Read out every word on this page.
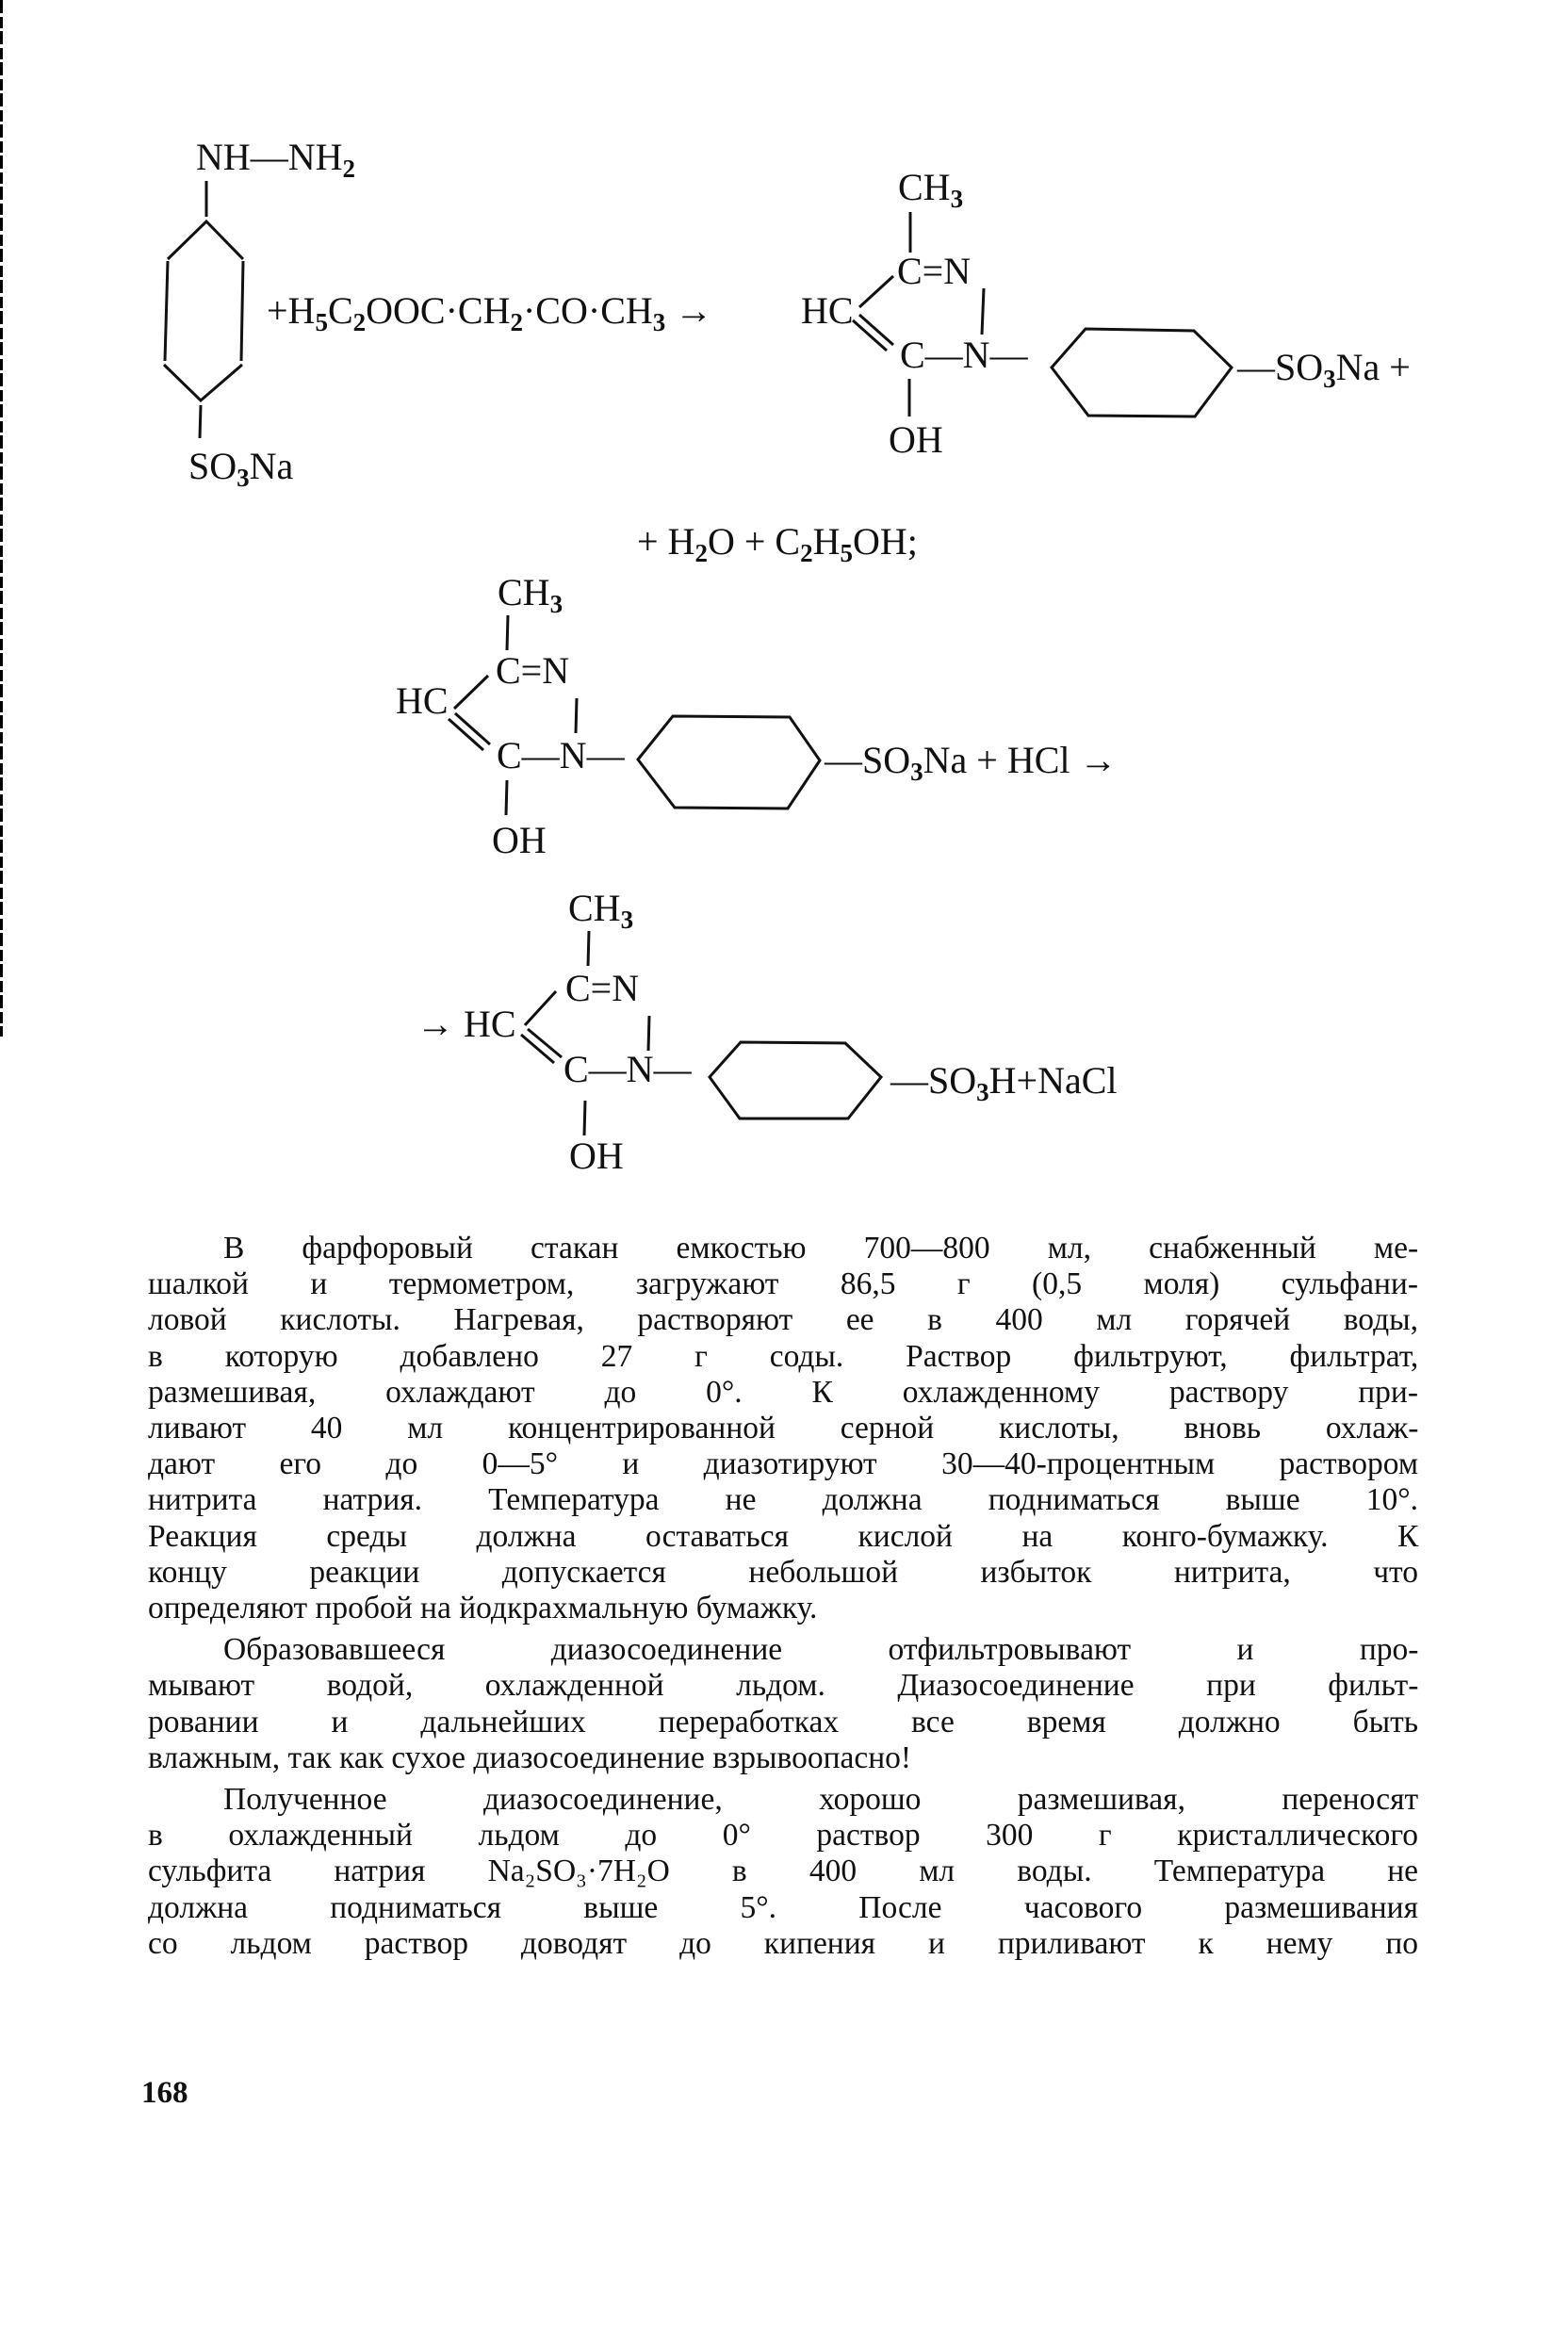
$NH—NH_2$
$SO_3Na$
$+H_5C_2OOC\cdot CH_2\cdot CO\cdot CH_3$ →
$CH_3$
C=N
HC
C—N—
OH
$—SO_3Na$ +
+ $H_2O + C_2H_5OH$;
$CH_3$
C=N
HC
C—N—
OH
$—SO_3Na$ + HCl →
$CH_3$
C=N
→ HC
C—N—
OH
$—SO_3H+NaCl$

В фарфоровый стакан емкостью 700—800 мл, снабженный ме-
шалкой и термометром, загружают 86,5 г (0,5 моля) сульфани-
ловой кислоты. Нагревая, растворяют ее в 400 мл горячей воды,
в которую добавлено 27 г соды. Раствор фильтруют, фильтрат,
размешивая, охлаждают до 0°. К охлажденному раствору при-
ливают 40 мл концентрированной серной кислоты, вновь охлаж-
дают его до 0—5° и диазотируют 30—40-процентным раствором
нитрита натрия. Температура не должна подниматься выше 10°.
Реакция среды должна оставаться кислой на конго-бумажку. К
концу реакции допускается небольшой избыток нитрита, что
определяют пробой на йодкрахмальную бумажку.

Образовавшееся диазосоединение отфильтровывают и про-
мывают водой, охлажденной льдом. Диазосоединение при фильт-
ровании и дальнейших переработках все время должно быть
влажным, так как сухое диазосоединение взрывоопасно!

Полученное диазосоединение, хорошо размешивая, переносят
в охлажденный льдом до 0° раствор 300 г кристаллического
сульфита натрия Na₂SO₃·7H₂O в 400 мл воды. Температура не
должна подниматься выше 5°. После часового размешивания
со льдом раствор доводят до кипения и приливают к нему по

168
